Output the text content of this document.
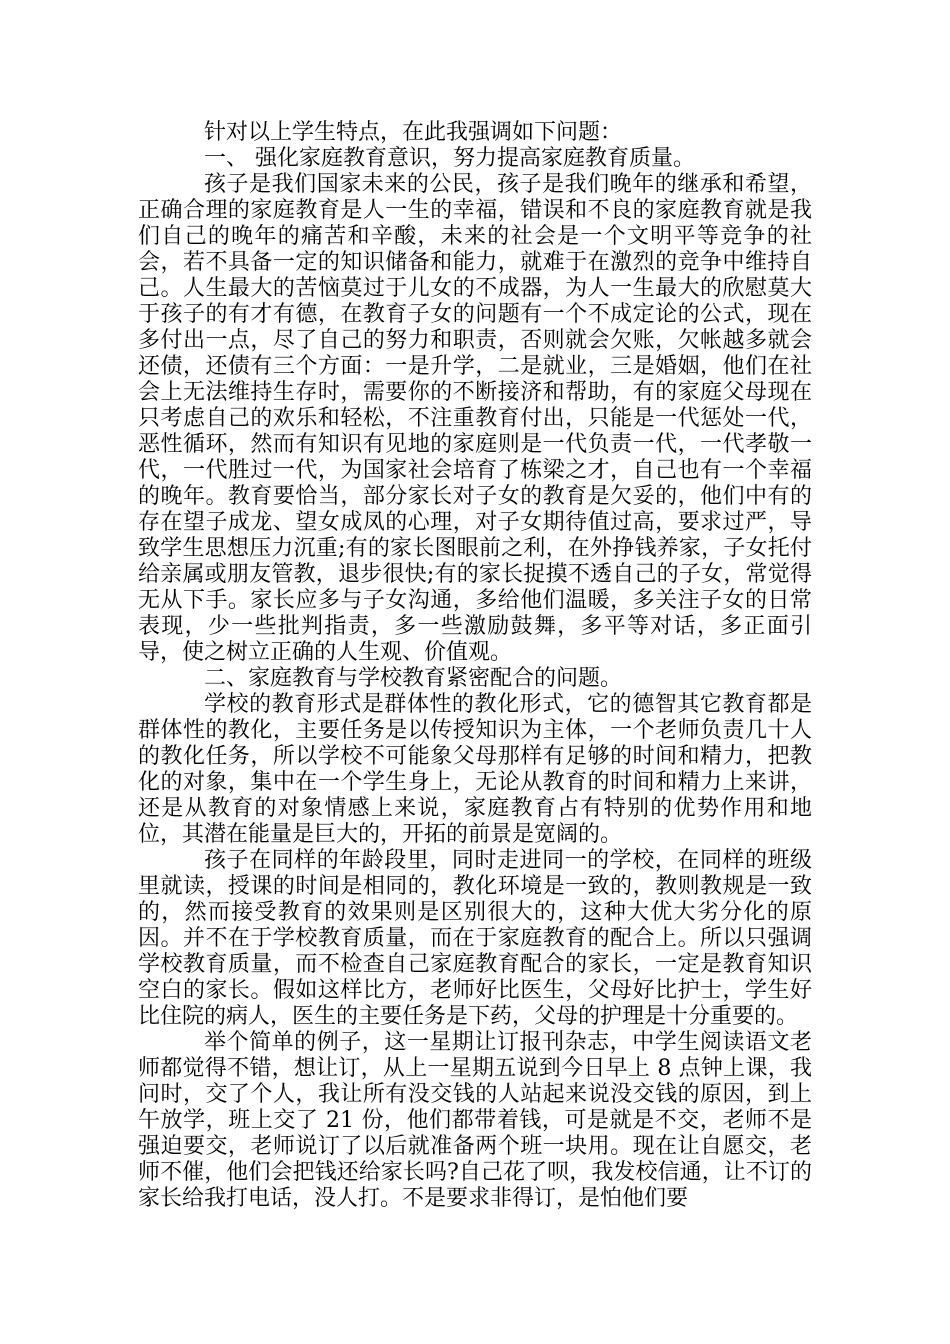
针对以上学生特点，在此我强调如下问题：

一、 强化家庭教育意识，努力提高家庭教育质量。

孩子是我们国家未来的公民，孩子是我们晚年的继承和希望，正确合理的家庭教育是人一生的幸福，错误和不良的家庭教育就是我们自己的晚年的痛苦和辛酸，未来的社会是一个文明平等竞争的社会，若不具备一定的知识储备和能力，就难于在激烈的竞争中维持自己。人生最大的苦恼莫过于儿女的不成器，为人一生最大的欣慰莫大于孩子的有才有德，在教育子女的问题有一个不成定论的公式，现在多付出一点，尽了自己的努力和职责，否则就会欠账，欠帐越多就会还债，还债有三个方面：一是升学，二是就业，三是婚姻，他们在社会上无法维持生存时，需要你的不断接济和帮助，有的家庭父母现在只考虑自己的欢乐和轻松，不注重教育付出，只能是一代惩处一代，恶性循环，然而有知识有见地的家庭则是一代负责一代，一代孝敬一代，一代胜过一代，为国家社会培育了栋梁之才，自己也有一个幸福的晚年。教育要恰当，部分家长对子女的教育是欠妥的，他们中有的存在望子成龙、望女成凤的心理，对子女期待值过高，要求过严，导致学生思想压力沉重;有的家长图眼前之利，在外挣钱养家，子女托付给亲属或朋友管教，退步很快;有的家长捉摸不透自己的子女，常觉得无从下手。家长应多与子女沟通，多给他们温暖，多关注子女的日常表现，少一些批判指责，多一些激励鼓舞，多平等对话，多正面引导，使之树立正确的人生观、价值观。

二、家庭教育与学校教育紧密配合的问题。

学校的教育形式是群体性的教化形式，它的德智其它教育都是群体性的教化，主要任务是以传授知识为主体，一个老师负责几十人的教化任务，所以学校不可能象父母那样有足够的时间和精力，把教化的对象，集中在一个学生身上，无论从教育的时间和精力上来讲，还是从教育的对象情感上来说，家庭教育占有特别的优势作用和地位，其潜在能量是巨大的，开拓的前景是宽阔的。

孩子在同样的年龄段里，同时走进同一的学校，在同样的班级里就读，授课的时间是相同的，教化环境是一致的，教则教规是一致的，然而接受教育的效果则是区别很大的，这种大优大劣分化的原因。并不在于学校教育质量，而在于家庭教育的配合上。所以只强调学校教育质量，而不检查自己家庭教育配合的家长，一定是教育知识空白的家长。假如这样比方，老师好比医生，父母好比护士，学生好比住院的病人，医生的主要任务是下药，父母的护理是十分重要的。

举个简单的例子，这一星期让订报刊杂志，中学生阅读语文老师都觉得不错，想让订，从上一星期五说到今日早上 8 点钟上课，我问时，交了个人，我让所有没交钱的人站起来说没交钱的原因，到上午放学，班上交了 21 份，他们都带着钱，可是就是不交，老师不是强迫要交，老师说订了以后就准备两个班一块用。现在让自愿交，老师不催，他们会把钱还给家长吗?自己花了呗，我发校信通，让不订的家长给我打电话，没人打。不是要求非得订，是怕他们要
